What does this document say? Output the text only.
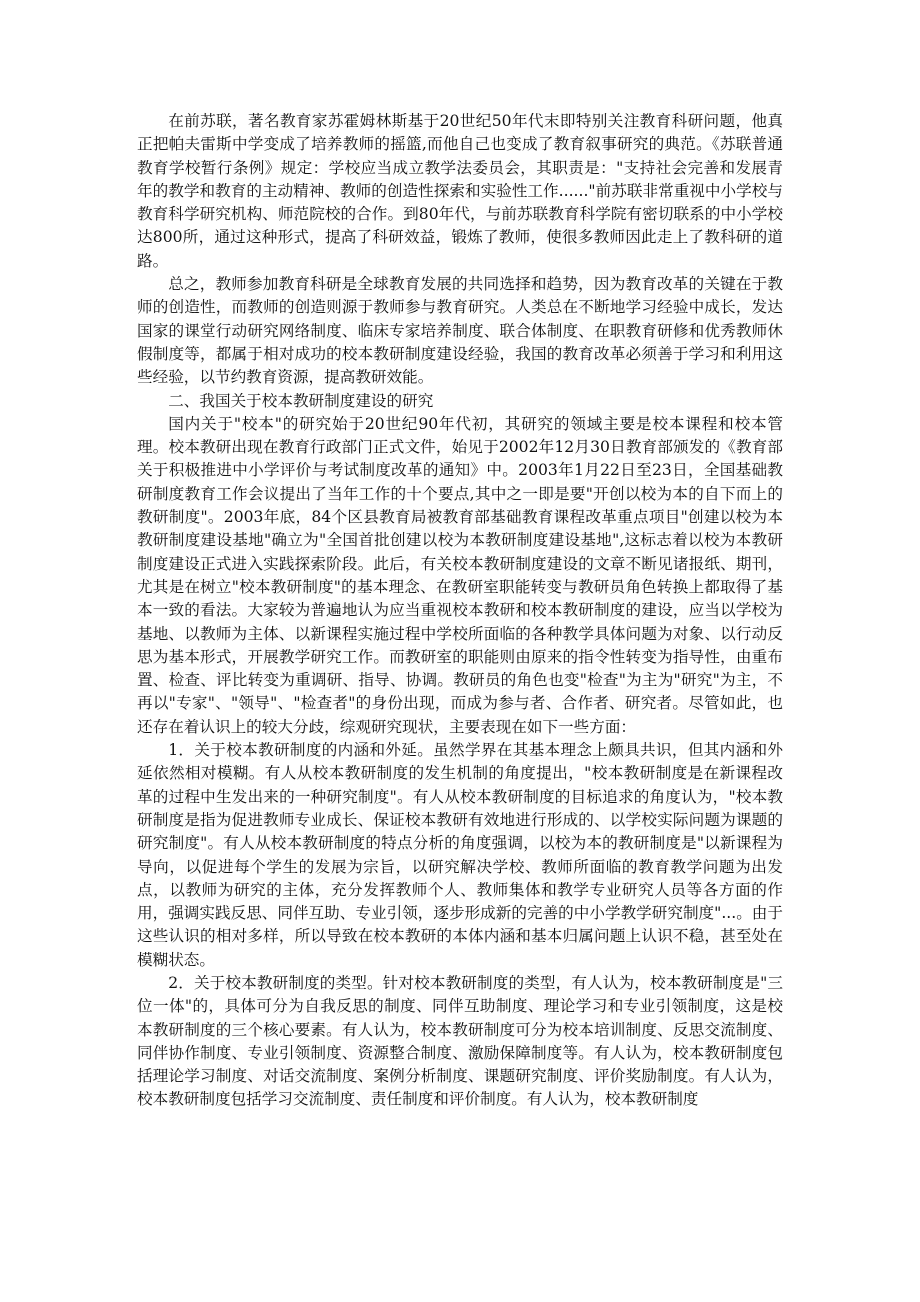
在前苏联，著名教育家苏霍姆林斯基于20世纪50年代末即特别关注教育科研问题，他真正把帕夫雷斯中学变成了培养教师的摇篮,而他自己也变成了教育叙事研究的典范。《苏联普通教育学校暂行条例》规定：学校应当成立教学法委员会，其职责是："支持社会完善和发展青年的教学和教育的主动精神、教师的创造性探索和实验性工作......"前苏联非常重视中小学校与教育科学研究机构、师范院校的合作。到80年代，与前苏联教育科学院有密切联系的中小学校达800所，通过这种形式，提高了科研效益，锻炼了教师，使很多教师因此走上了教科研的道路。

总之，教师参加教育科研是全球教育发展的共同选择和趋势，因为教育改革的关键在于教师的创造性，而教师的创造则源于教师参与教育研究。人类总在不断地学习经验中成长，发达国家的课堂行动研究网络制度、临床专家培养制度、联合体制度、在职教育研修和优秀教师休假制度等，都属于相对成功的校本教研制度建设经验，我国的教育改革必须善于学习和利用这些经验，以节约教育资源，提高教研效能。

二、我国关于校本教研制度建设的研究

国内关于"校本"的研究始于20世纪90年代初，其研究的领域主要是校本课程和校本管理。校本教研出现在教育行政部门正式文件，始见于2002年12月30日教育部颁发的《教育部关于积极推进中小学评价与考试制度改革的通知》中。2003年1月22日至23日，全国基础教研制度教育工作会议提出了当年工作的十个要点,其中之一即是要"开创以校为本的自下而上的教研制度"。2003年底，84个区县教育局被教育部基础教育课程改革重点项目"创建以校为本教研制度建设基地"确立为"全国首批创建以校为本教研制度建设基地",这标志着以校为本教研制度建设正式进入实践探索阶段。此后，有关校本教研制度建设的文章不断见诸报纸、期刊，尤其是在树立"校本教研制度"的基本理念、在教研室职能转变与教研员角色转换上都取得了基本一致的看法。大家较为普遍地认为应当重视校本教研和校本教研制度的建设，应当以学校为基地、以教师为主体、以新课程实施过程中学校所面临的各种教学具体问题为对象、以行动反思为基本形式，开展教学研究工作。而教研室的职能则由原来的指令性转变为指导性，由重布置、检查、评比转变为重调研、指导、协调。教研员的角色也变"检查"为主为"研究"为主，不再以"专家"、"领导"、"检查者"的身份出现，而成为参与者、合作者、研究者。尽管如此，也还存在着认识上的较大分歧，综观研究现状，主要表现在如下一些方面：

1．关于校本教研制度的内涵和外延。虽然学界在其基本理念上颇具共识，但其内涵和外延依然相对模糊。有人从校本教研制度的发生机制的角度提出，"校本教研制度是在新课程改革的过程中生发出来的一种研究制度"。有人从校本教研制度的目标追求的角度认为，"校本教研制度是指为促进教师专业成长、保证校本教研有效地进行形成的、以学校实际问题为课题的研究制度"。有人从校本教研制度的特点分析的角度强调，以校为本的教研制度是"以新课程为导向，以促进每个学生的发展为宗旨，以研究解决学校、教师所面临的教育教学问题为出发点，以教师为研究的主体，充分发挥教师个人、教师集体和教学专业研究人员等各方面的作用，强调实践反思、同伴互助、专业引领，逐步形成新的完善的中小学教学研究制度"...。由于这些认识的相对多样，所以导致在校本教研的本体内涵和基本归属问题上认识不稳，甚至处在模糊状态。

2．关于校本教研制度的类型。针对校本教研制度的类型，有人认为，校本教研制度是"三位一体"的，具体可分为自我反思的制度、同伴互助制度、理论学习和专业引领制度，这是校本教研制度的三个核心要素。有人认为，校本教研制度可分为校本培训制度、反思交流制度、同伴协作制度、专业引领制度、资源整合制度、激励保障制度等。有人认为，校本教研制度包括理论学习制度、对话交流制度、案例分析制度、课题研究制度、评价奖励制度。有人认为，校本教研制度包括学习交流制度、责任制度和评价制度。有人认为，校本教研制度
